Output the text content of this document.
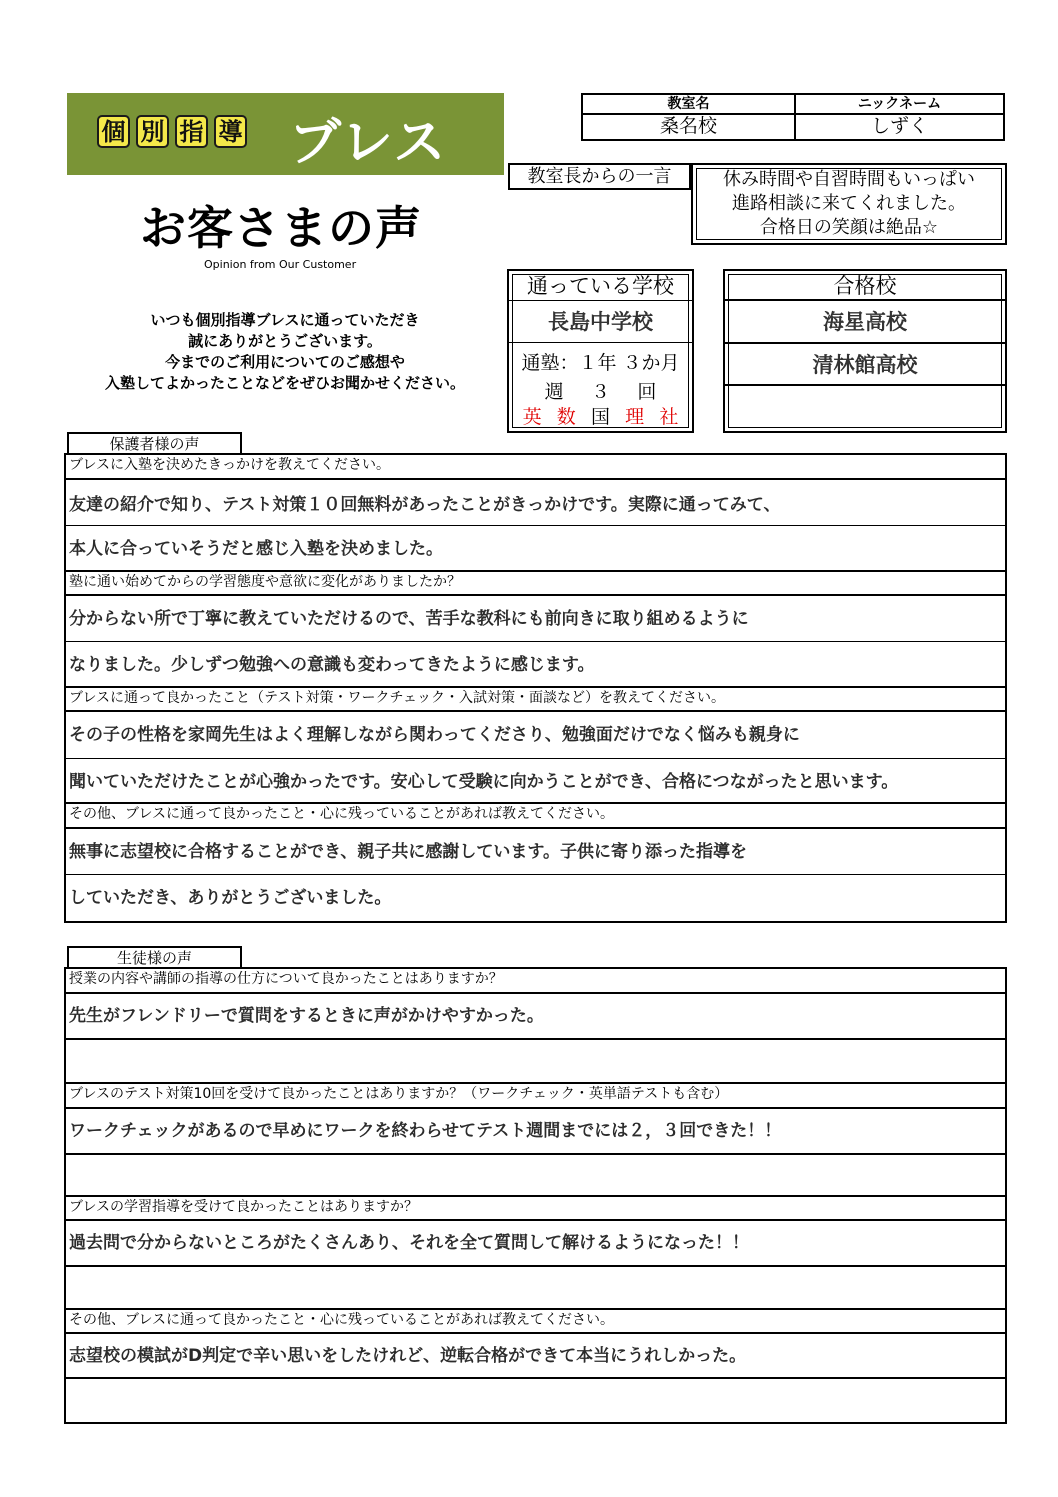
個 別 指 導 ブレス
お客さまの声
Opinion from Our Customer
いつも個別指導ブレスに通っていただき
誠にありがとうございます。
今までのご利用についてのご感想や
入塾してよかったことなどをぜひお聞かせください。
教室名	ニックネーム
桑名校	しずく
教室長からの一言	休み時間や自習時間もいっぱい
進路相談に来てくれました。
合格日の笑顔は絶品☆
通っている学校
長島中学校
通塾：１年 ３か月
週 ３ 回
英 数 国 理 社
合格校
海星高校
清林館高校
保護者様の声
ブレスに入塾を決めたきっかけを教えてください。
友達の紹介で知り、テスト対策１０回無料があったことがきっかけです。実際に通ってみて、
本人に合っていそうだと感じ入塾を決めました。
塾に通い始めてからの学習態度や意欲に変化がありましたか？
分からない所で丁寧に教えていただけるので、苦手な教科にも前向きに取り組めるように
なりました。少しずつ勉強への意識も変わってきたように感じます。
ブレスに通って良かったこと（テスト対策・ワークチェック・入試対策・面談など）を教えてください。
その子の性格を家岡先生はよく理解しながら関わってくださり、勉強面だけでなく悩みも親身に
聞いていただけたことが心強かったです。安心して受験に向かうことができ、合格につながったと思います。
その他、ブレスに通って良かったこと・心に残っていることがあれば教えてください。
無事に志望校に合格することができ、親子共に感謝しています。子供に寄り添った指導を
していただき、ありがとうございました。
生徒様の声
授業の内容や講師の指導の仕方について良かったことはありますか？
先生がフレンドリーで質問をするときに声がかけやすかった。
ブレスのテスト対策10回を受けて良かったことはありますか？（ワークチェック・英単語テストも含む）
ワークチェックがあるので早めにワークを終わらせてテスト週間までには２，３回できた！！
ブレスの学習指導を受けて良かったことはありますか？
過去問で分からないところがたくさんあり、それを全て質問して解けるようになった！！
その他、ブレスに通って良かったこと・心に残っていることがあれば教えてください。
志望校の模試がD判定で辛い思いをしたけれど、逆転合格ができて本当にうれしかった。
